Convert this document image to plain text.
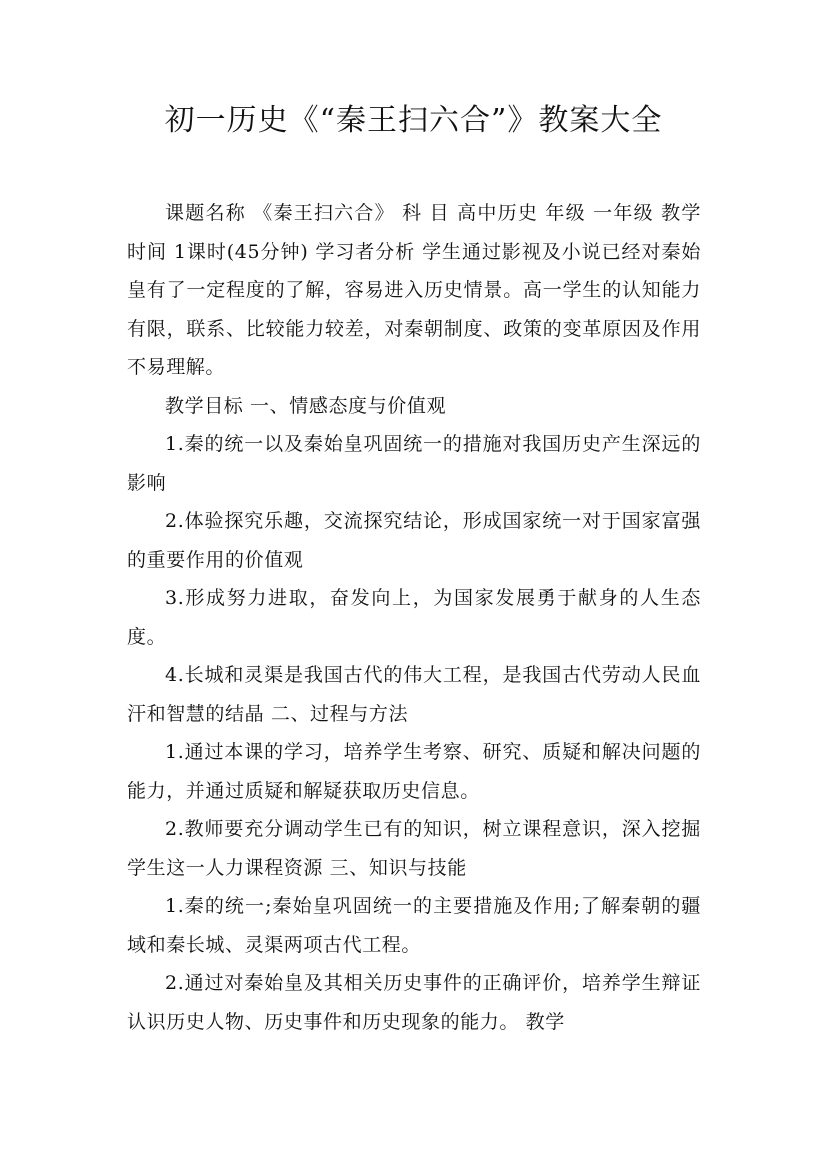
初一历史《“秦王扫六合”》教案大全

课题名称 《秦王扫六合》 科 目 高中历史 年级 一年级 教学时间 1课时(45分钟) 学习者分析 学生通过影视及小说已经对秦始皇有了一定程度的了解，容易进入历史情景。高一学生的认知能力有限，联系、比较能力较差，对秦朝制度、政策的变革原因及作用不易理解。

教学目标 一、情感态度与价值观

1.秦的统一以及秦始皇巩固统一的措施对我国历史产生深远的影响

2.体验探究乐趣，交流探究结论，形成国家统一对于国家富强的重要作用的价值观

3.形成努力进取，奋发向上，为国家发展勇于献身的人生态度。

4.长城和灵渠是我国古代的伟大工程，是我国古代劳动人民血汗和智慧的结晶 二、过程与方法

1.通过本课的学习，培养学生考察、研究、质疑和解决问题的能力，并通过质疑和解疑获取历史信息。

2.教师要充分调动学生已有的知识，树立课程意识，深入挖掘学生这一人力课程资源 三、知识与技能

1.秦的统一;秦始皇巩固统一的主要措施及作用;了解秦朝的疆域和秦长城、灵渠两项古代工程。

2.通过对秦始皇及其相关历史事件的正确评价，培养学生辩证认识历史人物、历史事件和历史现象的能力。 教学
